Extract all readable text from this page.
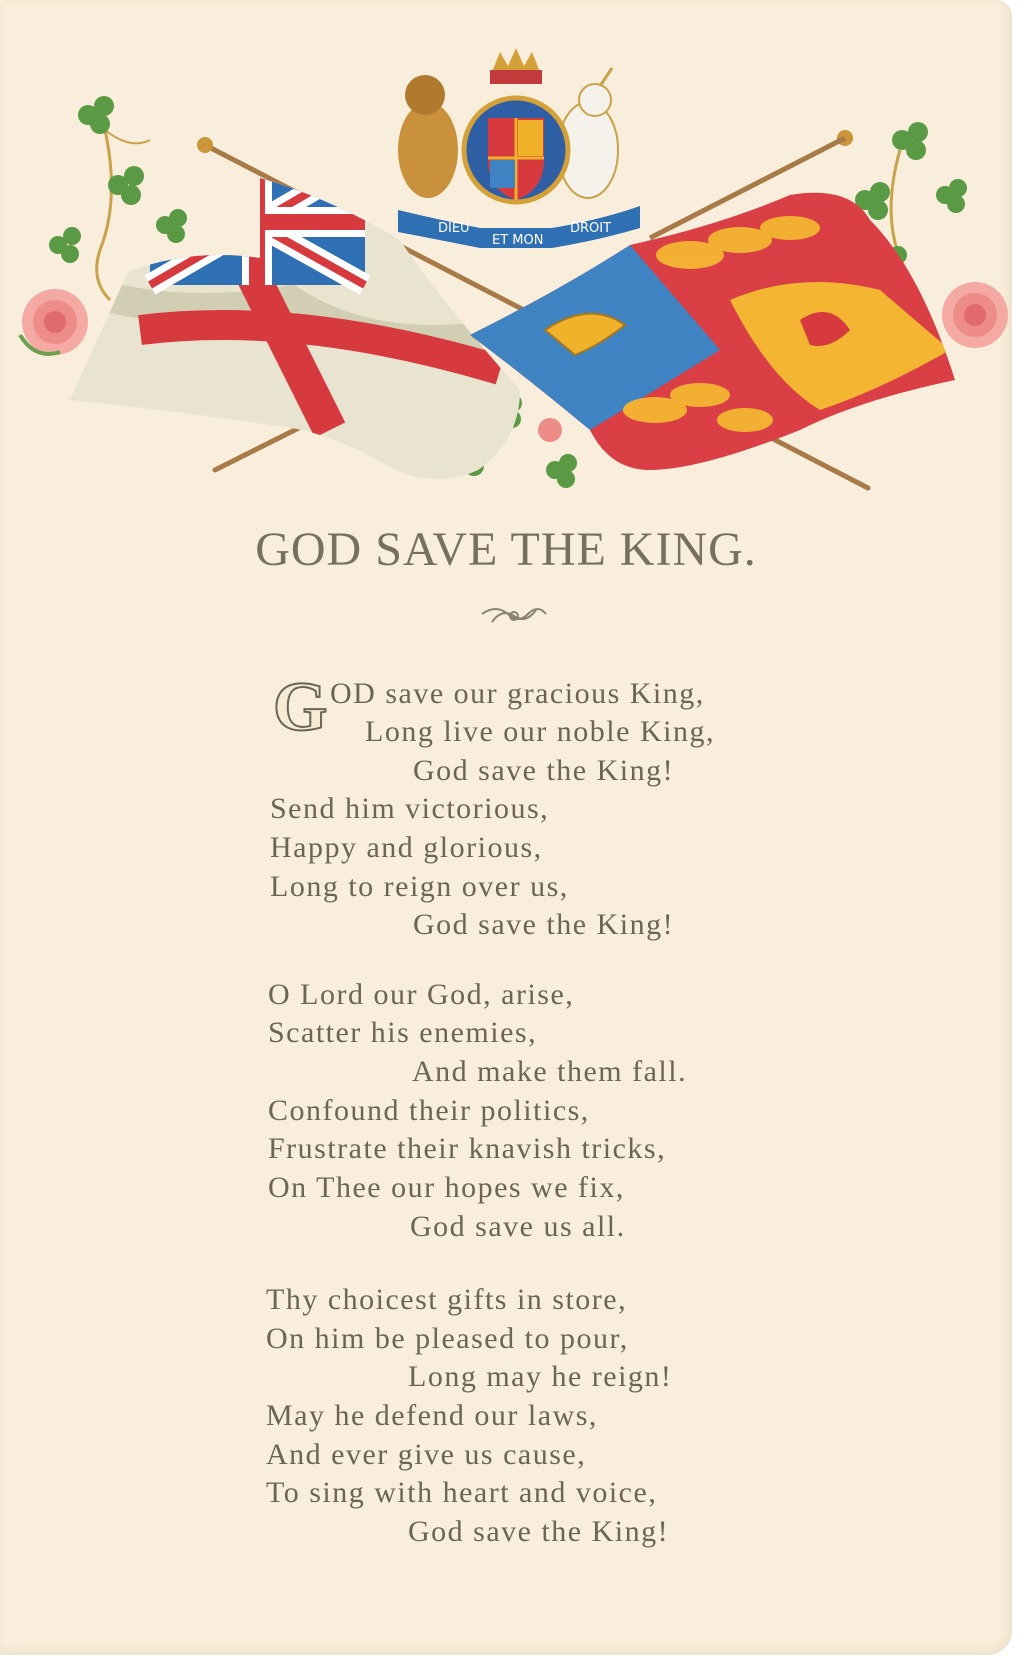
DIEU
ET MON
DROIT
GOD SAVE THE KING.
G OD save our gracious King,
Long live our noble King,
God save the King!
Send him victorious,
Happy and glorious,
Long to reign over us,
God save the King!
O Lord our God, arise,
Scatter his enemies,
And make them fall.
Confound their politics,
Frustrate their knavish tricks,
On Thee our hopes we fix,
God save us all.
Thy choicest gifts in store,
On him be pleased to pour,
Long may he reign!
May he defend our laws,
And ever give us cause,
To sing with heart and voice,
God save the King!
